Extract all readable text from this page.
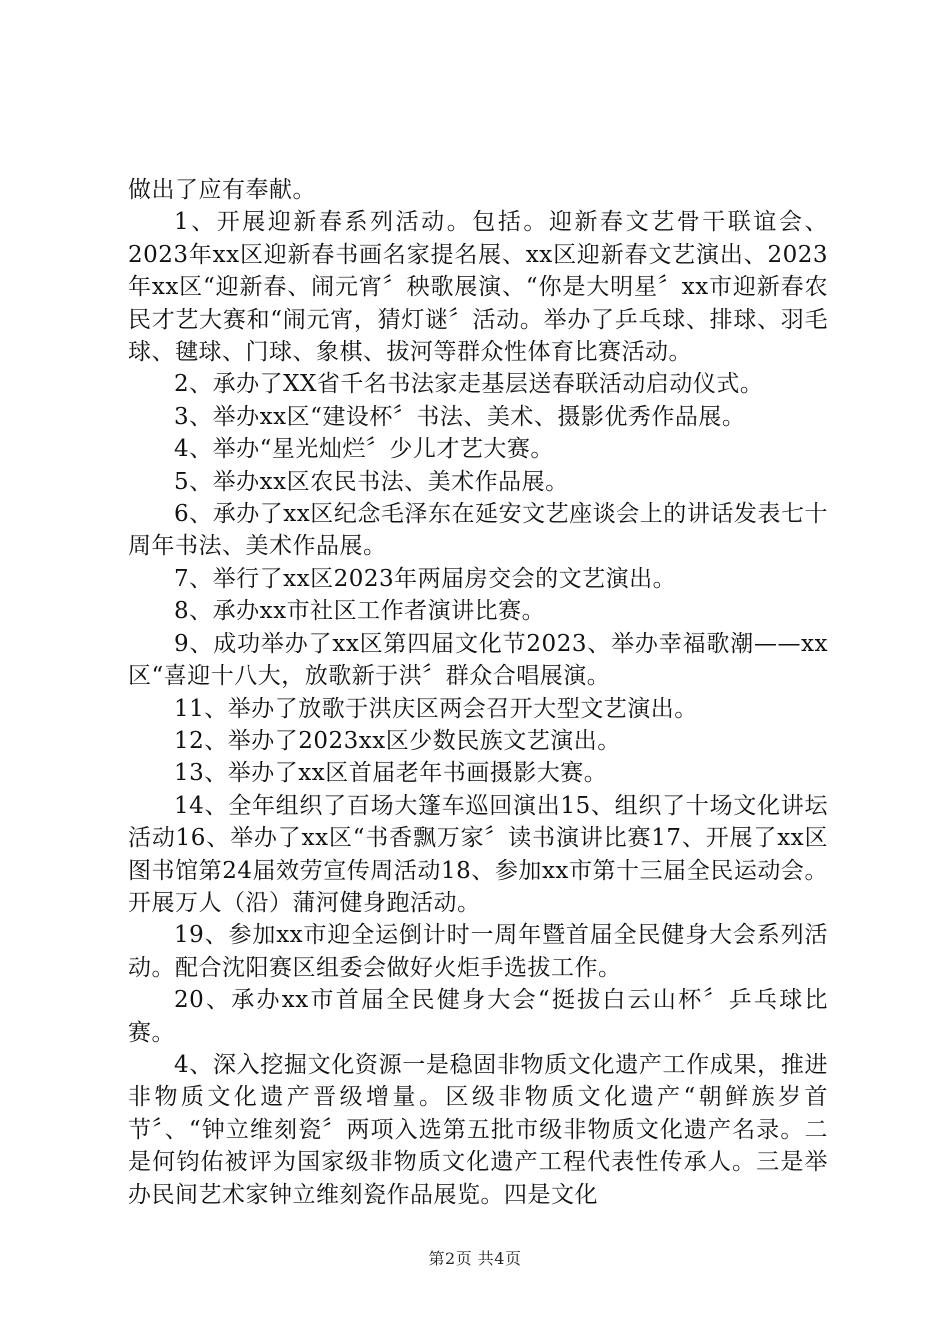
做出了应有奉献。

1、开展迎新春系列活动。包括。迎新春文艺骨干联谊会、2023年xx区迎新春书画名家提名展、xx区迎新春文艺演出、2023年xx区“迎新春、闹元宵〞秧歌展演、“你是大明星〞xx市迎新春农民才艺大赛和“闹元宵，猜灯谜〞活动。举办了乒乓球、排球、羽毛球、毽球、门球、象棋、拔河等群众性体育比赛活动。

2、承办了XX省千名书法家走基层送春联活动启动仪式。

3、举办xx区“建设杯〞书法、美术、摄影优秀作品展。

4、举办“星光灿烂〞少儿才艺大赛。

5、举办xx区农民书法、美术作品展。

6、承办了xx区纪念毛泽东在延安文艺座谈会上的讲话发表七十周年书法、美术作品展。

7、举行了xx区2023年两届房交会的文艺演出。

8、承办xx市社区工作者演讲比赛。

9、成功举办了xx区第四届文化节2023、举办幸福歌潮——xx区“喜迎十八大，放歌新于洪〞群众合唱展演。

11、举办了放歌于洪庆区两会召开大型文艺演出。

12、举办了2023xx区少数民族文艺演出。

13、举办了xx区首届老年书画摄影大赛。

14、全年组织了百场大篷车巡回演出15、组织了十场文化讲坛活动16、举办了xx区“书香飘万家〞读书演讲比赛17、开展了xx区图书馆第24届效劳宣传周活动18、参加xx市第十三届全民运动会。开展万人（沿）蒲河健身跑活动。

19、参加xx市迎全运倒计时一周年暨首届全民健身大会系列活动。配合沈阳赛区组委会做好火炬手选拔工作。

20、承办xx市首届全民健身大会“挺拔白云山杯〞乒乓球比赛。

4、深入挖掘文化资源一是稳固非物质文化遗产工作成果，推进非物质文化遗产晋级增量。区级非物质文化遗产“朝鲜族岁首节〞、“钟立维刻瓷〞两项入选第五批市级非物质文化遗产名录。二是何钧佑被评为国家级非物质文化遗产工程代表性传承人。三是举办民间艺术家钟立维刻瓷作品展览。四是文化

第2页 共4页
